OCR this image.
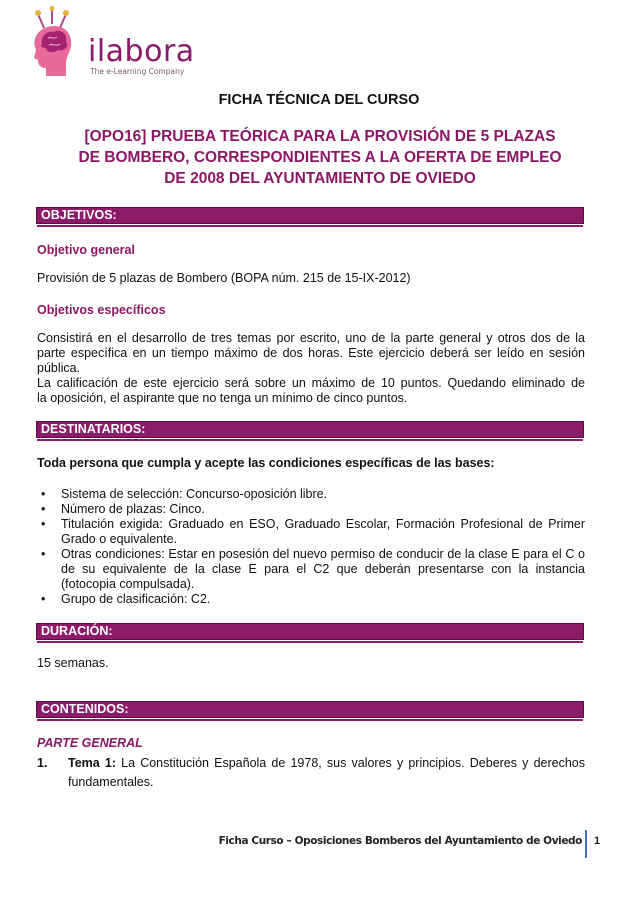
ilabora
The e-Learning Company
FICHA TÉCNICA DEL CURSO
[OPO16] PRUEBA TEÓRICA PARA LA PROVISIÓN DE 5 PLAZAS
DE BOMBERO, CORRESPONDIENTES A LA OFERTA DE EMPLEO
DE 2008 DEL AYUNTAMIENTO DE OVIEDO
OBJETIVOS:
Objetivo general
Provisión de 5 plazas de Bombero (BOPA núm. 215 de 15-IX-2012)
Objetivos específicos
Consistirá en el desarrollo de tres temas por escrito, uno de la parte general y otros dos de la
parte específica en un tiempo máximo de dos horas. Este ejercicio deberá ser leído en sesión
pública.
La calificación de este ejercicio será sobre un máximo de 10 puntos. Quedando eliminado de
la oposición, el aspirante que no tenga un mínimo de cinco puntos.
DESTINATARIOS:
Toda persona que cumpla y acepte las condiciones específicas de las bases:
• Sistema de selección: Concurso-oposición libre.
• Número de plazas: Cinco.
• Titulación exigida: Graduado en ESO, Graduado Escolar, Formación Profesional de Primer Grado o equivalente.
• Otras condiciones: Estar en posesión del nuevo permiso de conducir de la clase E para el C o de su equivalente de la clase E para el C2 que deberán presentarse con la instancia (fotocopia compulsada).
• Grupo de clasificación: C2.
DURACIÓN:
15 semanas.
CONTENIDOS:
PARTE GENERAL
1. Tema 1: La Constitución Española de 1978, sus valores y principios. Deberes y derechos fundamentales.
Ficha Curso – Oposiciones Bomberos del Ayuntamiento de Oviedo 1
